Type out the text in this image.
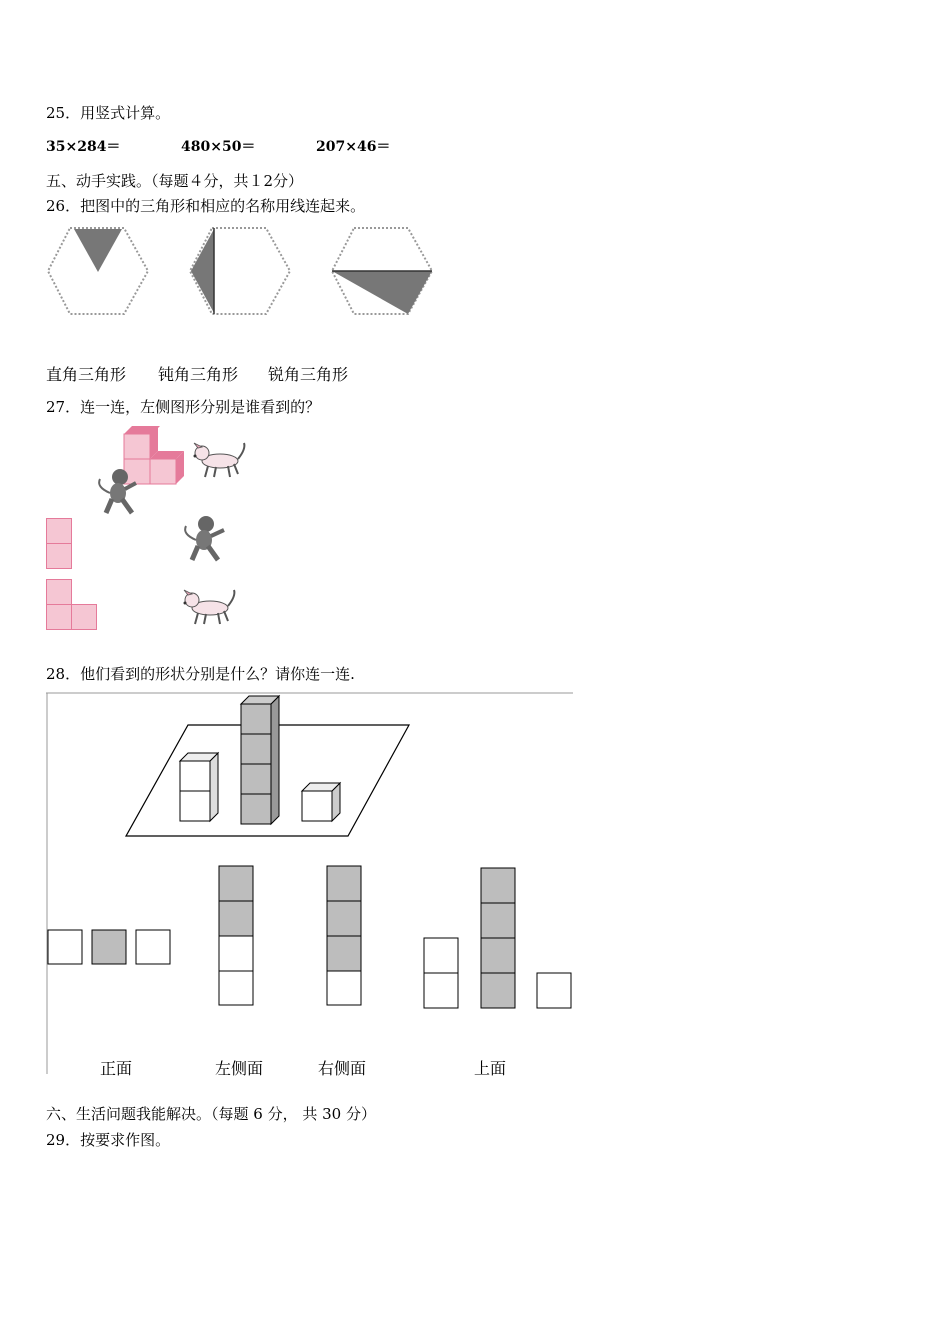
25．用竖式计算。
35×284＝	480×50＝	207×46＝
五、动手实践。（每题４分，共１2分）
26．把图中的三角形和相应的名称用线连起来。
直角三角形 钝角三角形 锐角三角形
27．连一连，左侧图形分别是谁看到的？
28．他们看到的形状分别是什么？请你连一连.
正面	左侧面	右侧面	上面
六、生活问题我能解决。（每题 6 分， 共 30 分）
29．按要求作图。
